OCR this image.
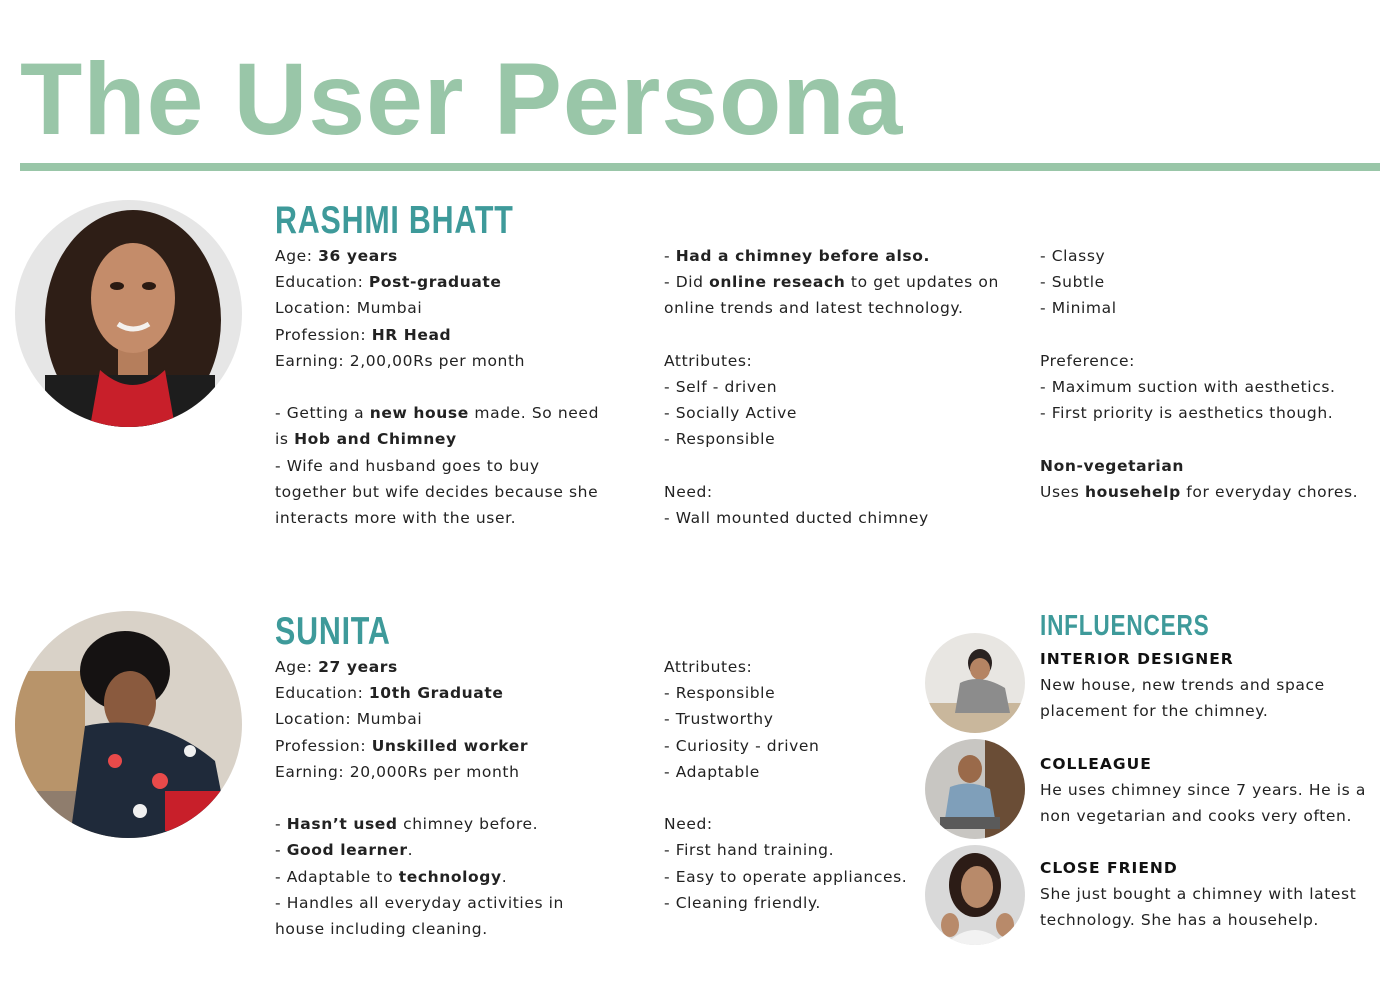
The User Persona
RASHMI BHATT
Age: 36 years
Education: Post-graduate
Location: Mumbai
Profession: HR Head
Earning: 2,00,00Rs per month
- Getting a new house made. So need
is Hob and Chimney
- Wife and husband goes to buy
together but wife decides because she
interacts more with the user.
- Had a chimney before also.
- Did online reseach to get updates on
online trends and latest technology.
Attributes:
- Self - driven
- Socially Active
- Responsible
Need:
- Wall mounted ducted chimney
- Classy
- Subtle
- Minimal
Preference:
- Maximum suction with aesthetics.
- First priority is aesthetics though.
Non-vegetarian
Uses househelp for everyday chores.
SUNITA
Age: 27 years
Education: 10th Graduate
Location: Mumbai
Profession: Unskilled worker
Earning: 20,000Rs per month
- Hasn’t used chimney before.
- Good learner.
- Adaptable to technology.
- Handles all everyday activities in
house including cleaning.
Attributes:
- Responsible
- Trustworthy
- Curiosity - driven
- Adaptable
Need:
- First hand training.
- Easy to operate appliances.
- Cleaning friendly.
INFLUENCERS
INTERIOR DESIGNER
New house, new trends and space
placement for the chimney.
COLLEAGUE
He uses chimney since 7 years. He is a
non vegetarian and cooks very often.
CLOSE FRIEND
She just bought a chimney with latest
technology. She has a househelp.
